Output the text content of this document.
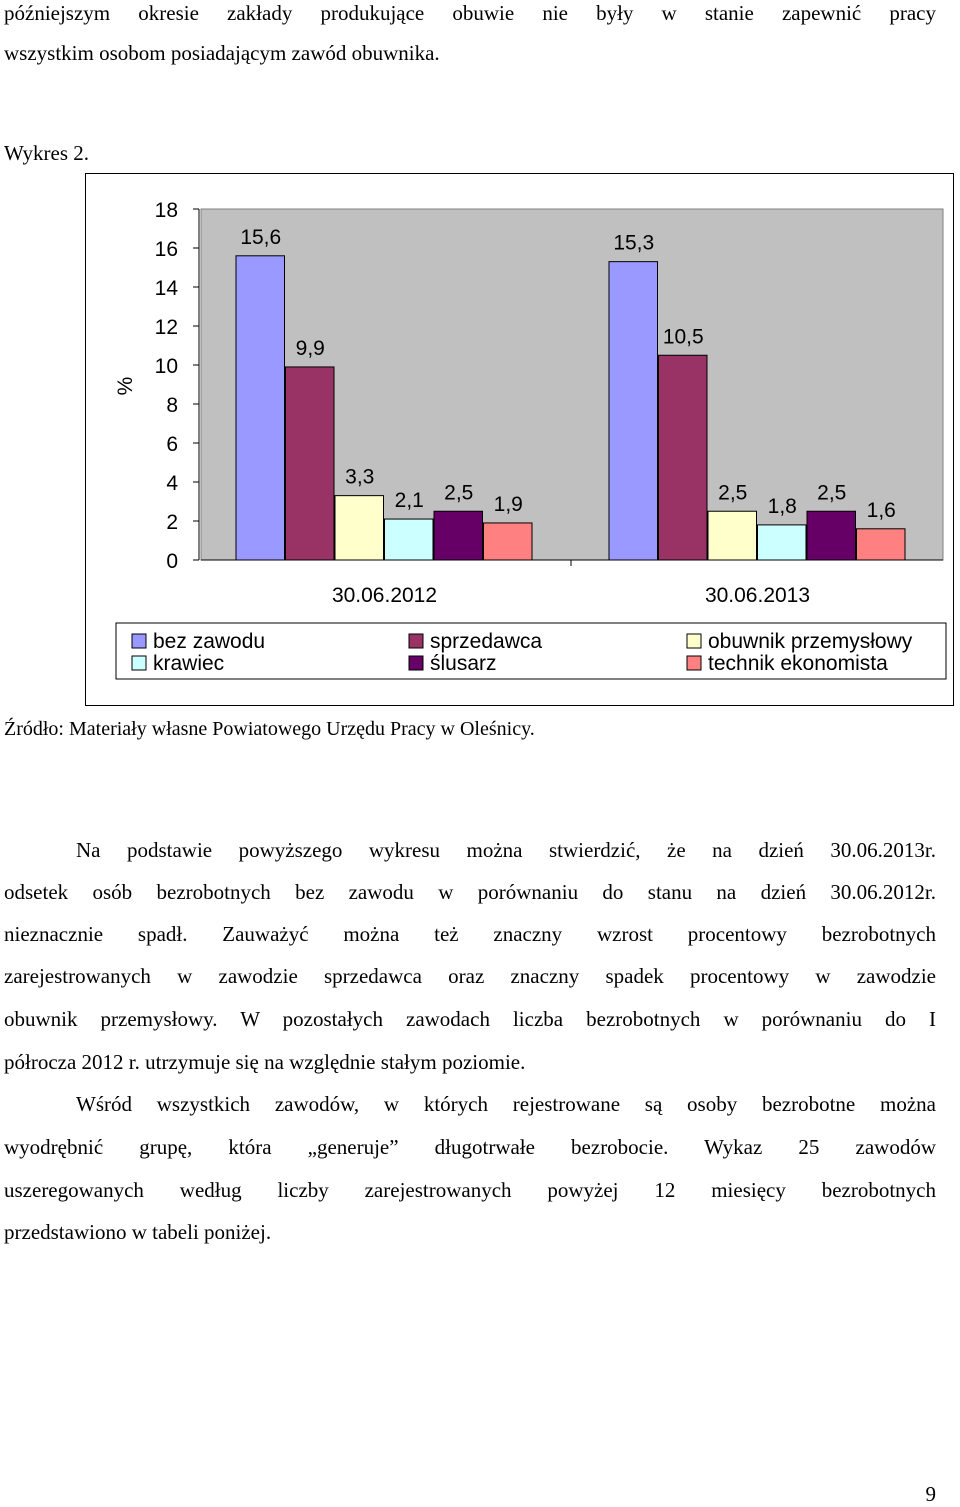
późniejszym okresie zakłady produkujące obuwie nie były w stanie zapewnić pracy
wszystkim osobom posiadającym zawód obuwnika.
Wykres 2.
0
2
4
6
8
10
12
14
16
18
%
15,6
9,9
3,3
2,1 2,5
1,9
30.06.2012
15,3
10,5
2,5
1,8
2,5
1,6
30.06.2013
bez zawodu	sprzedawca	obuwnik przemysłowy
krawiec	ślusarz	technik ekonomista
Źródło: Materiały własne Powiatowego Urzędu Pracy w Oleśnicy.
Na podstawie powyższego wykresu można stwierdzić, że na dzień 30.06.2013r.
odsetek osób bezrobotnych bez zawodu w porównaniu do stanu na dzień 30.06.2012r.
nieznacznie spadł. Zauważyć można też znaczny wzrost procentowy bezrobotnych
zarejestrowanych w zawodzie sprzedawca oraz znaczny spadek procentowy w zawodzie
obuwnik przemysłowy. W pozostałych zawodach liczba bezrobotnych w porównaniu do I
półrocza 2012 r. utrzymuje się na względnie stałym poziomie.
Wśród wszystkich zawodów, w których rejestrowane są osoby bezrobotne można
wyodrębnić grupę, która „generuje” długotrwałe bezrobocie. Wykaz 25 zawodów
uszeregowanych według liczby zarejestrowanych powyżej 12 miesięcy bezrobotnych
przedstawiono w tabeli poniżej.
9
